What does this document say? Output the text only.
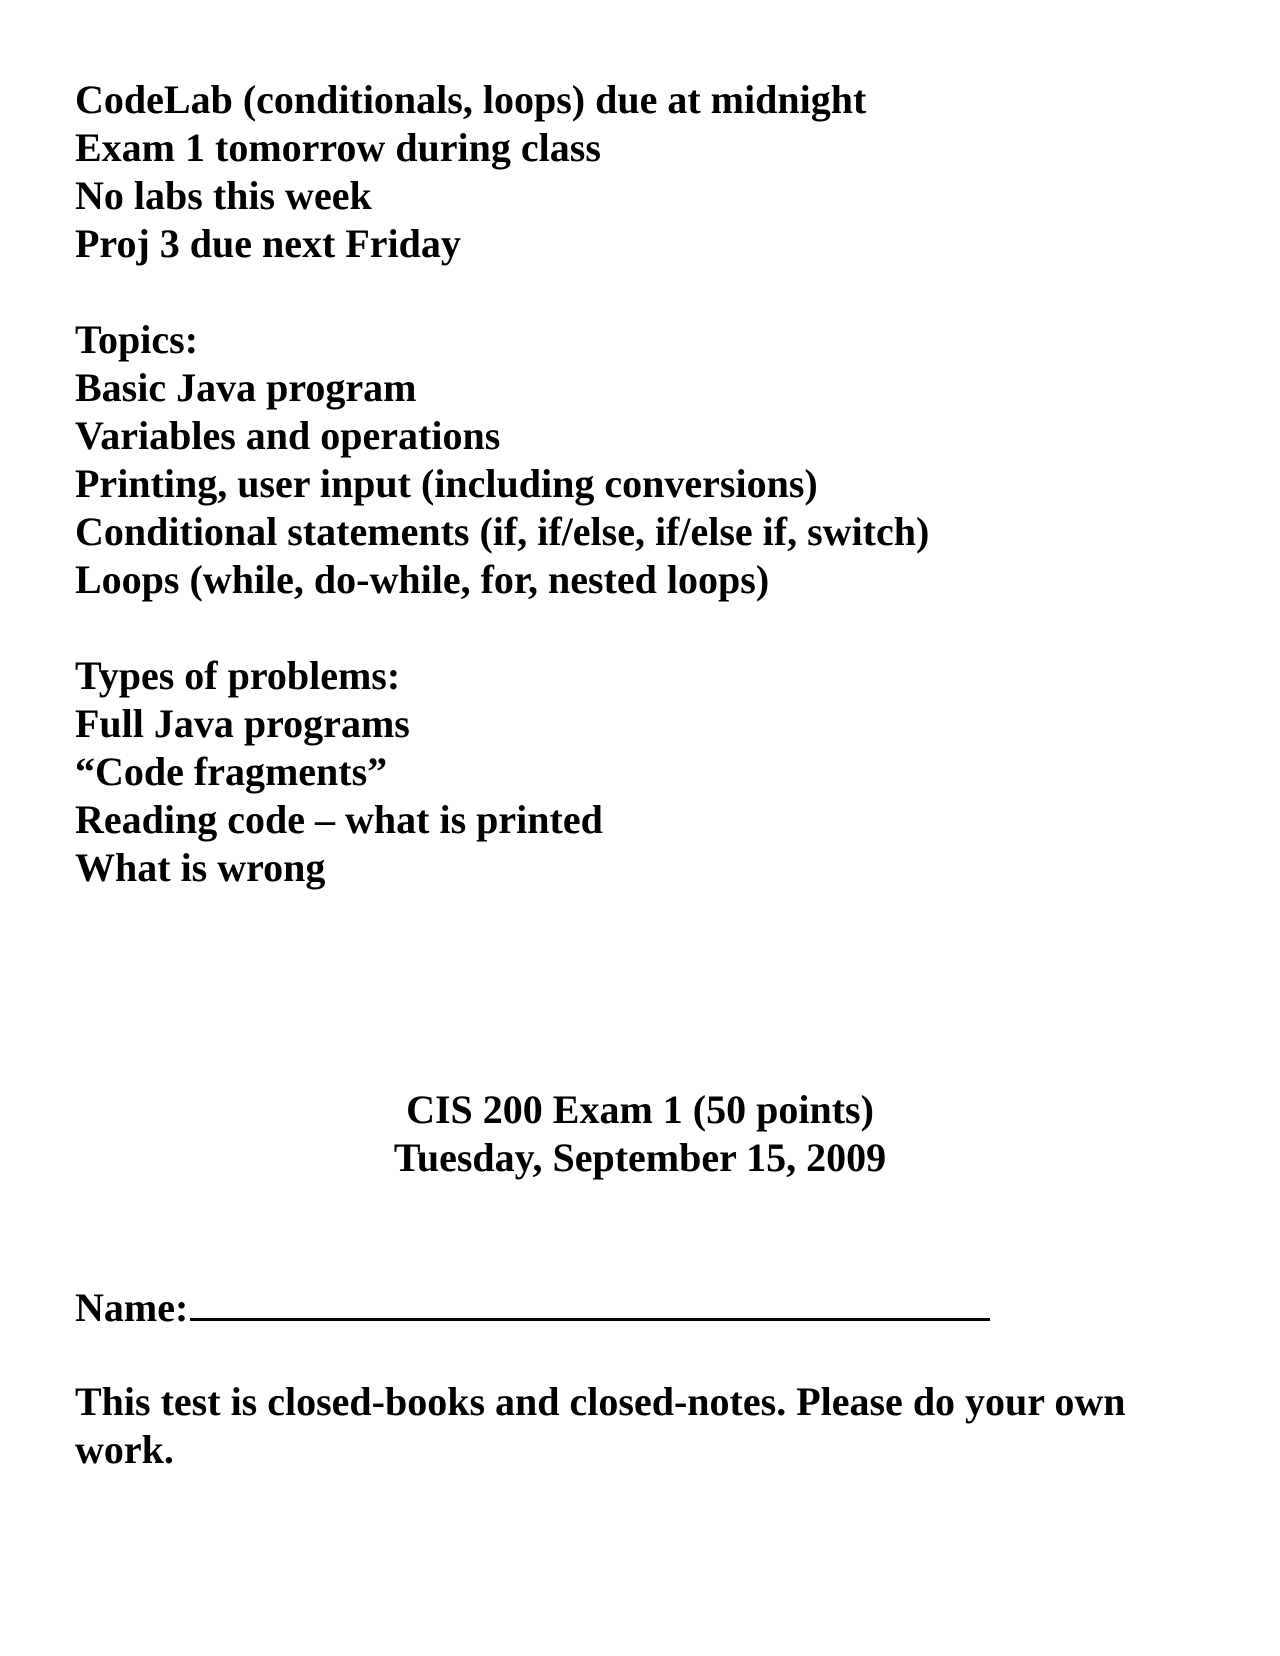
CodeLab (conditionals, loops) due at midnight
Exam 1 tomorrow during class
No labs this week
Proj 3 due next Friday
Topics:
Basic Java program
Variables and operations
Printing, user input (including conversions)
Conditional statements (if, if/else, if/else if, switch)
Loops (while, do-while, for, nested loops)
Types of problems:
Full Java programs
“Code fragments”
Reading code – what is printed
What is wrong
CIS 200 Exam 1 (50 points)
Tuesday, September 15, 2009
Name:
This test is closed-books and closed-notes. Please do your own work.
